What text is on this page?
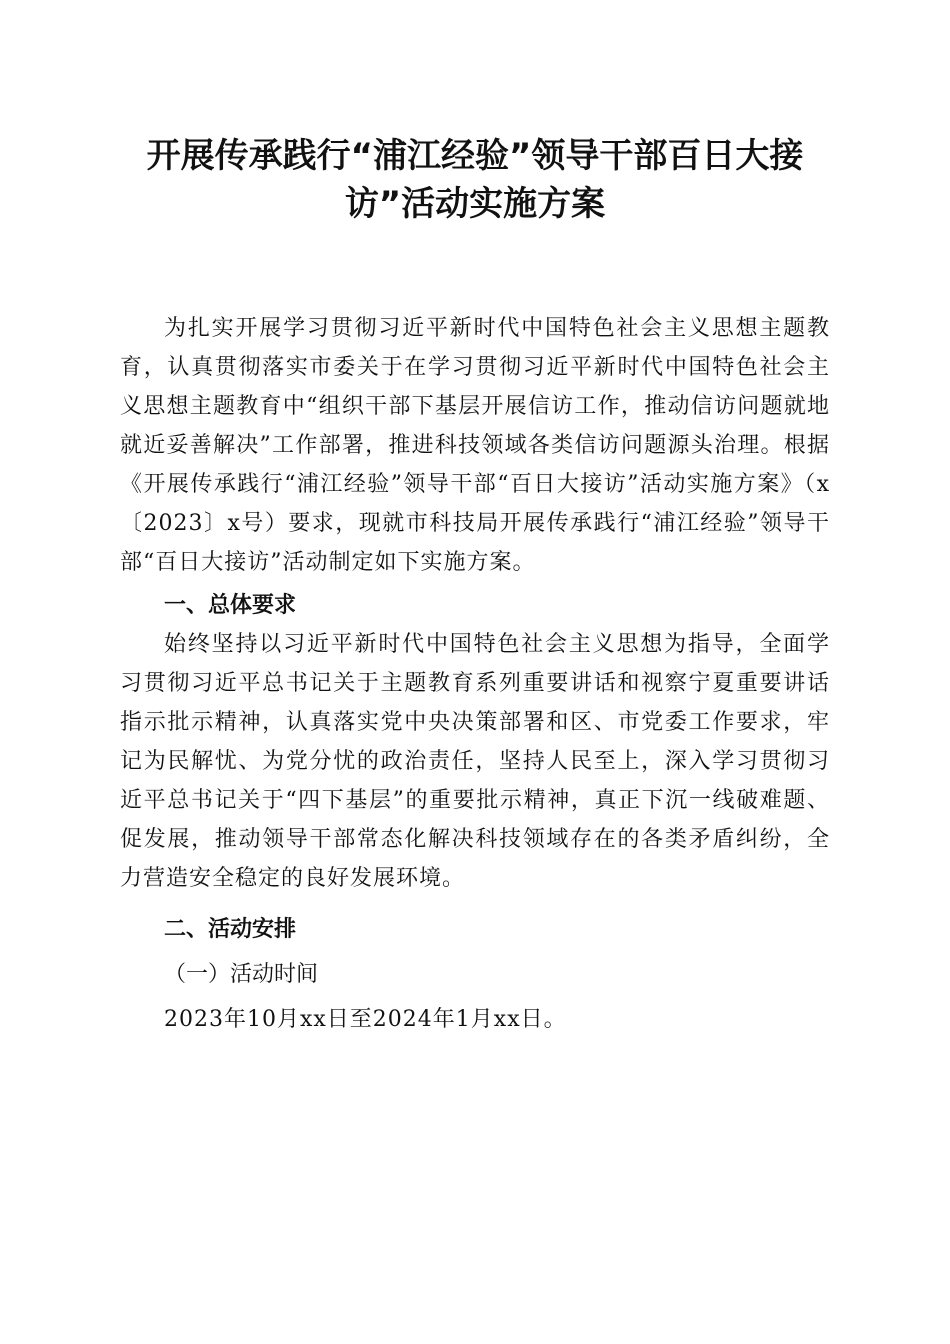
开展传承践行“浦江经验”领导干部百日大接
访”活动实施方案

为扎实开展学习贯彻习近平新时代中国特色社会主义思想主题教育，认真贯彻落实市委关于在学习贯彻习近平新时代中国特色社会主义思想主题教育中“组织干部下基层开展信访工作，推动信访问题就地就近妥善解决”工作部署，推进科技领域各类信访问题源头治理。根据《开展传承践行“浦江经验”领导干部“百日大接访”活动实施方案》（x〔2023〕x号）要求，现就市科技局开展传承践行“浦江经验”领导干部“百日大接访”活动制定如下实施方案。

一、总体要求

始终坚持以习近平新时代中国特色社会主义思想为指导，全面学习贯彻习近平总书记关于主题教育系列重要讲话和视察宁夏重要讲话指示批示精神，认真落实党中央决策部署和区、市党委工作要求，牢记为民解忧、为党分忧的政治责任，坚持人民至上，深入学习贯彻习近平总书记关于“四下基层”的重要批示精神，真正下沉一线破难题、促发展，推动领导干部常态化解决科技领域存在的各类矛盾纠纷，全力营造安全稳定的良好发展环境。

二、活动安排

（一）活动时间

2023年10月xx日至2024年1月xx日。
